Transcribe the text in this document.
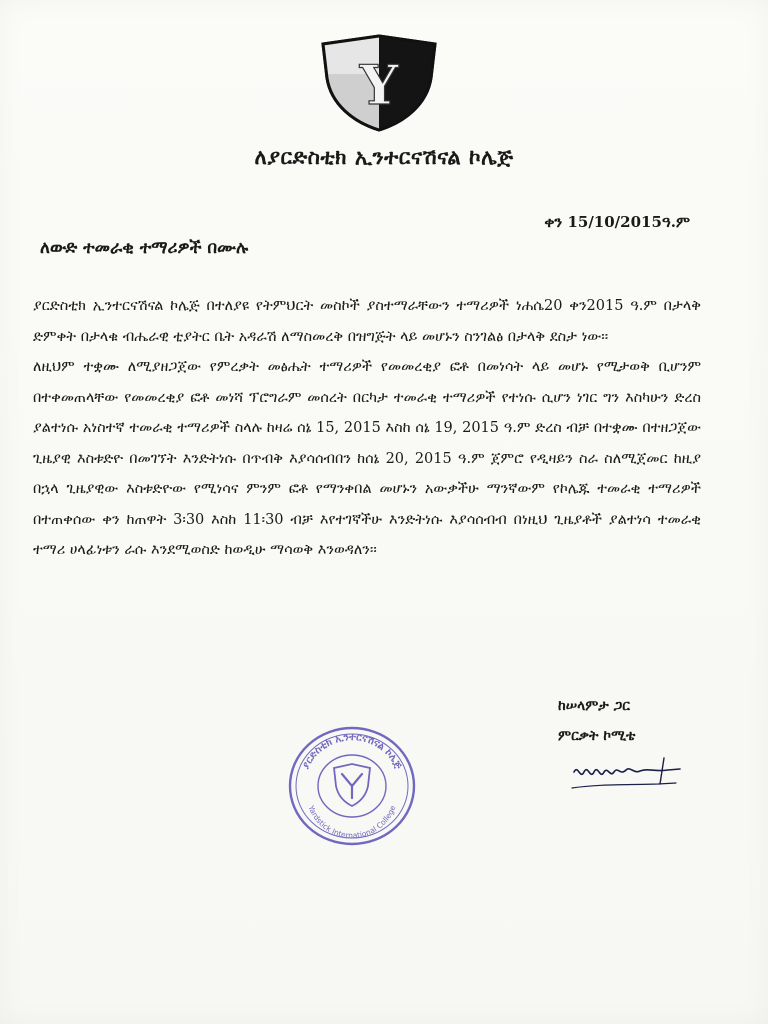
Y
ለያርድስቲክ ኢንተርናሽናል ኮሌጅ
ቀን 15/10/2015ዓ.ም
ለውድ ተመራቂ ተማሪዎች በሙሉ

ያርድስቲክ ኢንተርናሽናል ኮሌጅ በተለያዩ የትምህርት መስኮች ያስተማራቸውን ተማሪዎች ነሐሴ20 ቀን2015 ዓ.ም በታላቅ ድምቀት በታላቁ ብሔራዊ ቲያትር ቤት አዳራሽ ለማስመረቅ በዝግጅት ላይ መሆኑን ስንገልፅ በታላቅ ደስታ ነው፡፡

ለዚህም ተቋሙ ለሚያዘጋጀው የምረቃት መፅሔት ተማሪዎች የመመረቂያ ፎቶ በመነሳት ላይ መሆኑ የሚታወቅ ቢሆንም በተቀመጠላቸው የመመረቂያ ፎቶ መነሻ ፕሮግራም መሰረት በርካታ ተመራቂ ተማሪዎች የተነሱ ሲሆን ነገር ግን እስካሁን ድረስ ያልተነሱ አነስተኛ ተመራቂ ተማሪዎች ስላሉ ከዛሬ ሰኔ 15, 2015 እስከ ሰኔ 19, 2015 ዓ.ም ድረስ ብቻ በተቋሙ በተዘጋጀው ጊዜያዊ እስቱድዮ በመገኘት እንድትነሱ በጥብቅ እያሳሰብበን ከሰኔ 20, 2015 ዓ.ም ጀምሮ የዲዛይን ስራ ስለሚጀመር ከዚያ በኋላ ጊዜያዊው እስቱድዮው የሚነሳና ምንም ፎቶ የማንቀበል መሆኑን አውቃችሁ ማንኛውም የኮሌጁ ተመራቂ ተማሪዎች በተጠቀሰው ቀን ከጠዋት 3፡30 እስከ 11፡30 ብቻ እየተገኛችሁ እንድትነሱ እያሳሰብብ በነዚህ ጊዜያቶች ያልተነሳ ተመራቂ ተማሪ ሀላፊነቱን ራሱ እንደሚወስድ ከወዲሁ ማሳወቅ እንወዳለን፡፡

ከሠላምታ ጋር
ምርቃት ኮሚቴ
ያርድስቲክ ኢንተርናሽናል ኮሌጅ
Yardstick International College
